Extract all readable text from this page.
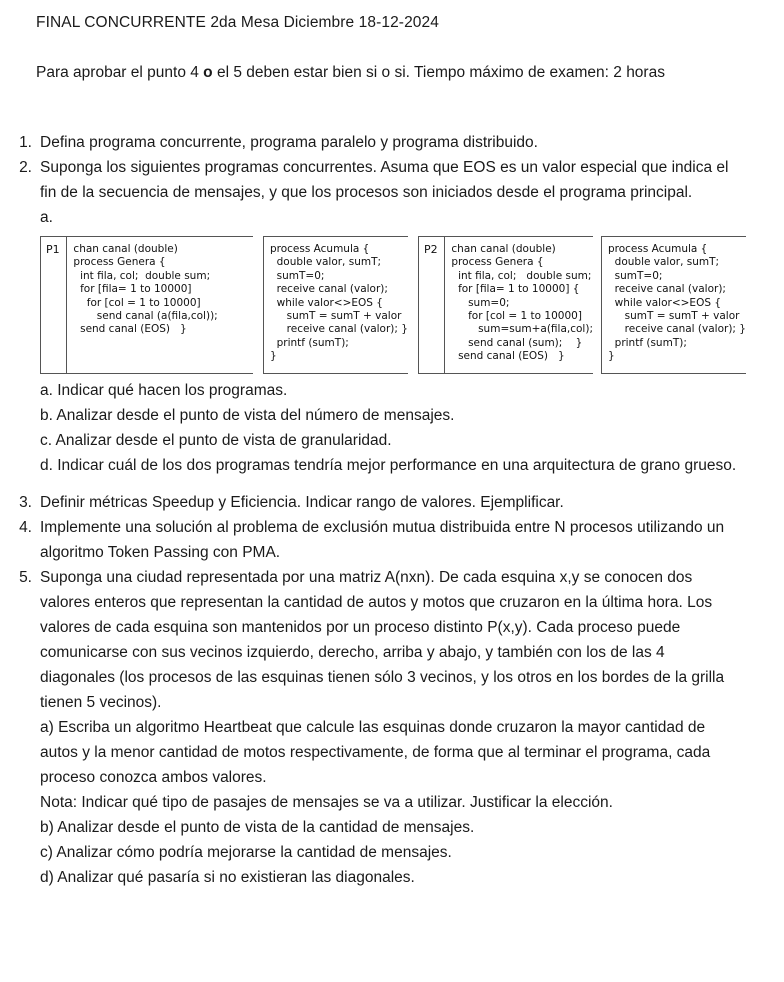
FINAL CONCURRENTE 2da Mesa Diciembre 18-12-2024
Para aprobar el punto 4 o el 5 deben estar bien si o si. Tiempo máximo de examen: 2 horas
1. Defina programa concurrente, programa paralelo y programa distribuido.
2. Suponga los siguientes programas concurrentes. Asuma que EOS es un valor especial que indica el fin de la secuencia de mensajes, y que los procesos son iniciados desde el programa principal.
a.
P1	chan canal (double)
process Genera {
int fila, col;  double sum;
for [fila= 1 to 10000]
for [col = 1 to 10000]
send canal (a(fila,col));
send canal (EOS)   }
process Acumula {
double valor, sumT;
sumT=0;
receive canal (valor);
while valor<>EOS {
sumT = sumT + valor
receive canal (valor); }
printf (sumT);
}
P2	chan canal (double)
process Genera {
int fila, col;   double sum;
for [fila= 1 to 10000] {
sum=0;
for [col = 1 to 10000]
sum=sum+a(fila,col);
send canal (sum);    }
send canal (EOS)   }
process Acumula {
double valor, sumT;
sumT=0;
receive canal (valor);
while valor<>EOS {
sumT = sumT + valor
receive canal (valor); }
printf (sumT);
}
a. Indicar qué hacen los programas.
b. Analizar desde el punto de vista del número de mensajes.
c. Analizar desde el punto de vista de granularidad.
d. Indicar cuál de los dos programas tendría mejor performance en una arquitectura de grano grueso.
3. Definir métricas Speedup y Eficiencia. Indicar rango de valores. Ejemplificar.
4. Implemente una solución al problema de exclusión mutua distribuida entre N procesos utilizando un algoritmo Token Passing con PMA.
5. Suponga una ciudad representada por una matriz A(nxn). De cada esquina x,y se conocen dos valores enteros que representan la cantidad de autos y motos que cruzaron en la última hora. Los valores de cada esquina son mantenidos por un proceso distinto P(x,y). Cada proceso puede comunicarse con sus vecinos izquierdo, derecho, arriba y abajo, y también con los de las 4 diagonales (los procesos de las esquinas tienen sólo 3 vecinos, y los otros en los bordes de la grilla tienen 5 vecinos).
a) Escriba un algoritmo Heartbeat que calcule las esquinas donde cruzaron la mayor cantidad de autos y la menor cantidad de motos respectivamente, de forma que al terminar el programa, cada proceso conozca ambos valores.
Nota: Indicar qué tipo de pasajes de mensajes se va a utilizar. Justificar la elección.
b) Analizar desde el punto de vista de la cantidad de mensajes.
c) Analizar cómo podría mejorarse la cantidad de mensajes.
d) Analizar qué pasaría si no existieran las diagonales.
